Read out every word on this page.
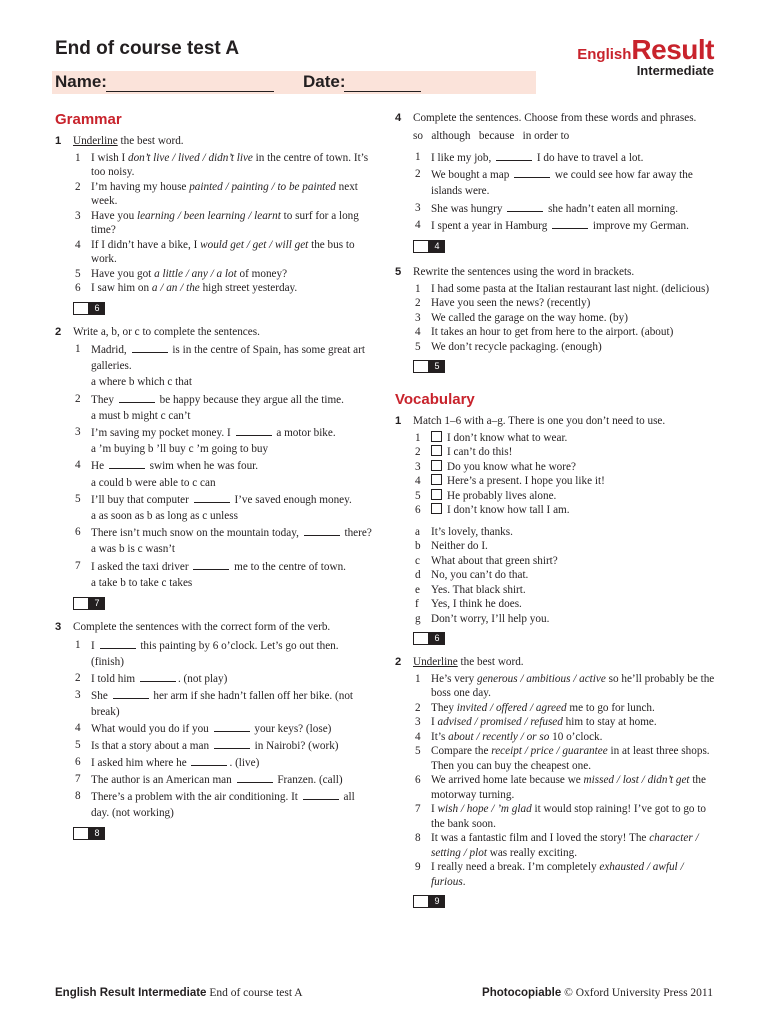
End of course test A
Name:	Date:
EnglishResult
Intermediate
Grammar
1 Underline the best word.
1 I wish I don’t live / lived / didn’t live in the centre of town. It’s too noisy.
2 I’m having my house painted / painting / to be painted next week.
3 Have you learning / been learning / learnt to surf for a long time?
4 If I didn’t have a bike, I would get / get / will get the bus to work.
5 Have you got a little / any / a lot of money?
6 I saw him on a / an / the high street yesterday.
6
2 Write a, b, or c to complete the sentences.
1 Madrid,	is in the centre of Spain, has some great art galleries.
a where b which c that
2 They	be happy because they argue all the time.
a must b might c can’t
3 I’m saving my pocket money. I	a motor bike.
a ’m buying b ’ll buy c ’m going to buy
4 He	swim when he was four.
a could b were able to c can
5 I’ll buy that computer	I’ve saved enough money.
a as soon as b as long as c unless
6 There isn’t much snow on the mountain today,	there?
a was b is c wasn’t
7 I asked the taxi driver	me to the centre of town.
a take b to take c takes
7
3 Complete the sentences with the correct form of the verb.
1 I	this painting by 6 o’clock. Let’s go out then. (finish)
2 I told him	. (not play)
3 She	her arm if she hadn’t fallen off her bike. (not break)
4 What would you do if you	your keys? (lose)
5 Is that a story about a man	in Nairobi? (work)
6 I asked him where he	. (live)
7 The author is an American man	Franzen. (call)
8 There’s a problem with the air conditioning. It	all day. (not working)
8
4 Complete the sentences. Choose from these words and phrases.
so   although   because   in order to
1 I like my job,	I do have to travel a lot.
2 We bought a map	we could see how far away the islands were.
3 She was hungry	she hadn’t eaten all morning.
4 I spent a year in Hamburg	improve my German.
4
5 Rewrite the sentences using the word in brackets.
1 I had some pasta at the Italian restaurant last night. (delicious)
2 Have you seen the news? (recently)
3 We called the garage on the way home. (by)
4 It takes an hour to get from here to the airport. (about)
5 We don’t recycle packaging. (enough)
5
Vocabulary
1 Match 1–6 with a–g. There is one you don’t need to use.
1 I don’t know what to wear.
2 I can’t do this!
3 Do you know what he wore?
4 Here’s a present. I hope you like it!
5 He probably lives alone.
6 I don’t know how tall I am.
a It’s lovely, thanks.
b Neither do I.
c What about that green shirt?
d No, you can’t do that.
e Yes. That black shirt.
f Yes, I think he does.
g Don’t worry, I’ll help you.
6
2 Underline the best word.
1 He’s very generous / ambitious / active so he’ll probably be the boss one day.
2 They invited / offered / agreed me to go for lunch.
3 I advised / promised / refused him to stay at home.
4 It’s about / recently / or so 10 o’clock.
5 Compare the receipt / price / guarantee in at least three shops. Then you can buy the cheapest one.
6 We arrived home late because we missed / lost / didn’t get the motorway turning.
7 I wish / hope / ’m glad it would stop raining! I’ve got to go to the bank soon.
8 It was a fantastic film and I loved the story! The character / setting / plot was really exciting.
9 I really need a break. I’m completely exhausted / awful / furious.
9
English Result Intermediate End of course test A	Photocopiable © Oxford University Press 2011
